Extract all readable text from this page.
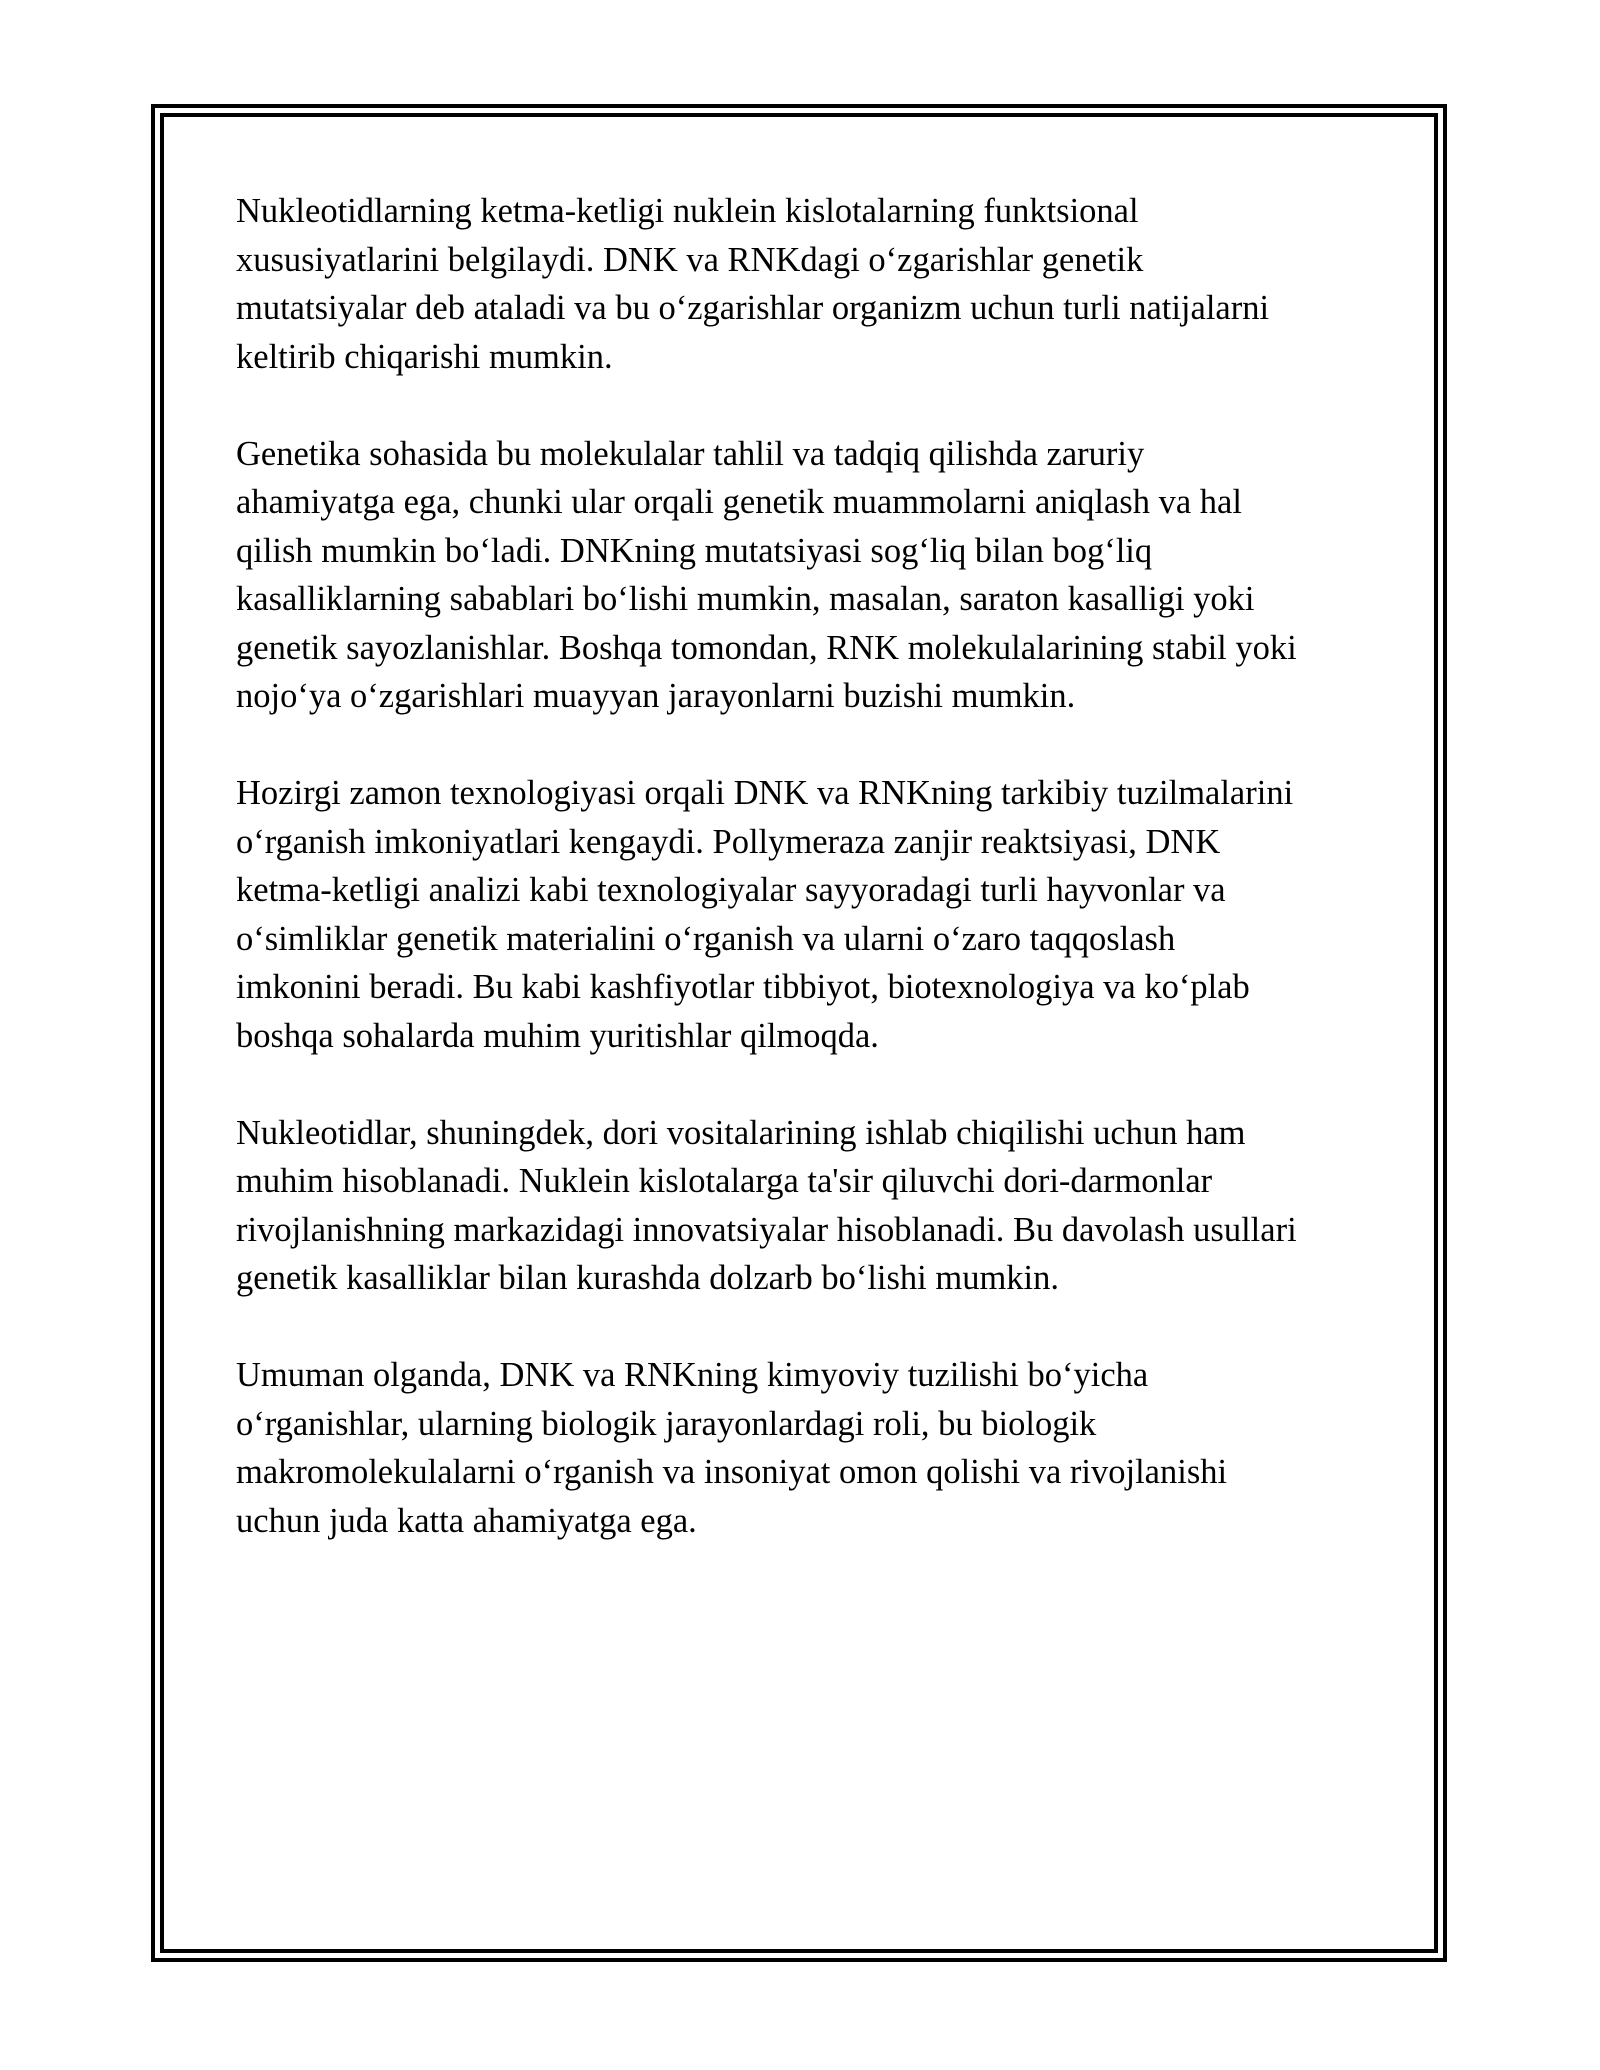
Nukleotidlarning ketma-ketligi nuklein kislotalarning funktsional
xususiyatlarini belgilaydi. DNK va RNKdagi o‘zgarishlar genetik
mutatsiyalar deb ataladi va bu o‘zgarishlar organizm uchun turli natijalarni
keltirib chiqarishi mumkin.

Genetika sohasida bu molekulalar tahlil va tadqiq qilishda zaruriy
ahamiyatga ega, chunki ular orqali genetik muammolarni aniqlash va hal
qilish mumkin bo‘ladi. DNKning mutatsiyasi sog‘liq bilan bog‘liq
kasalliklarning sabablari bo‘lishi mumkin, masalan, saraton kasalligi yoki
genetik sayozlanishlar. Boshqa tomondan, RNK molekulalarining stabil yoki
nojo‘ya o‘zgarishlari muayyan jarayonlarni buzishi mumkin.

Hozirgi zamon texnologiyasi orqali DNK va RNKning tarkibiy tuzilmalarini
o‘rganish imkoniyatlari kengaydi. Pollymeraza zanjir reaktsiyasi, DNK
ketma-ketligi analizi kabi texnologiyalar sayyoradagi turli hayvonlar va
o‘simliklar genetik materialini o‘rganish va ularni o‘zaro taqqoslash
imkonini beradi. Bu kabi kashfiyotlar tibbiyot, biotexnologiya va ko‘plab
boshqa sohalarda muhim yuritishlar qilmoqda.

Nukleotidlar, shuningdek, dori vositalarining ishlab chiqilishi uchun ham
muhim hisoblanadi. Nuklein kislotalarga ta'sir qiluvchi dori-darmonlar
rivojlanishning markazidagi innovatsiyalar hisoblanadi. Bu davolash usullari
genetik kasalliklar bilan kurashda dolzarb bo‘lishi mumkin.

Umuman olganda, DNK va RNKning kimyoviy tuzilishi bo‘yicha
o‘rganishlar, ularning biologik jarayonlardagi roli, bu biologik
makromolekulalarni o‘rganish va insoniyat omon qolishi va rivojlanishi
uchun juda katta ahamiyatga ega.
